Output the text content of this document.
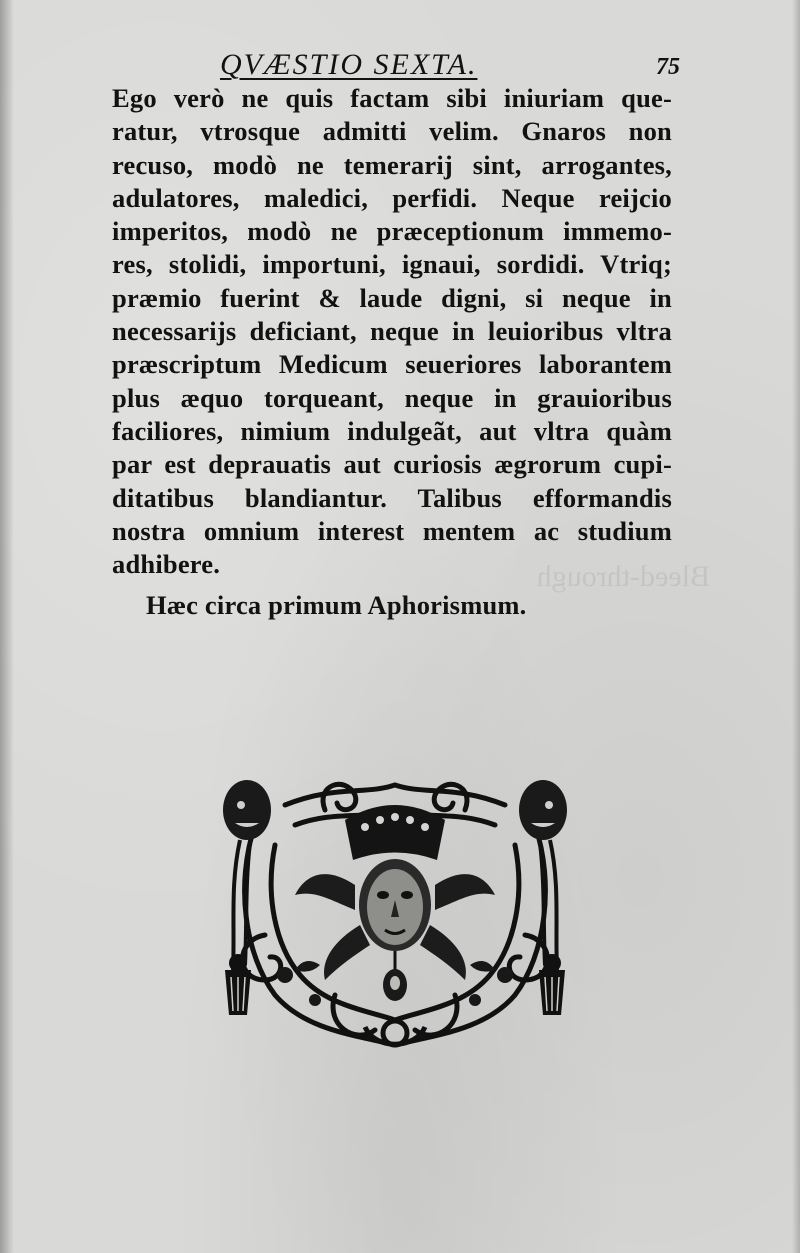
Bleed-through
QVÆSTIO SEXTA.	75
Ego verò ne quis factam sibi iniuriam que-
ratur, vtrosque admitti velim. Gnaros non
recuso, modò ne temerarij sint, arrogantes,
adulatores, maledici, perfidi. Neque reijcio
imperitos, modò ne præceptionum immemo-
res, stolidi, importuni, ignaui, sordidi. Vtriq;
præmio fuerint & laude digni, si neque in
necessarijs deficiant, neque in leuioribus vltra
præscriptum Medicum seueriores laborantem
plus æquo torqueant, neque in grauioribus
faciliores, nimium indulgeãt, aut vltra quàm
par est deprauatis aut curiosis ægrorum cupi-
ditatibus blandiantur. Talibus efformandis
nostra omnium interest mentem ac studium
adhibere.
Hæc circa primum Aphorismum.
